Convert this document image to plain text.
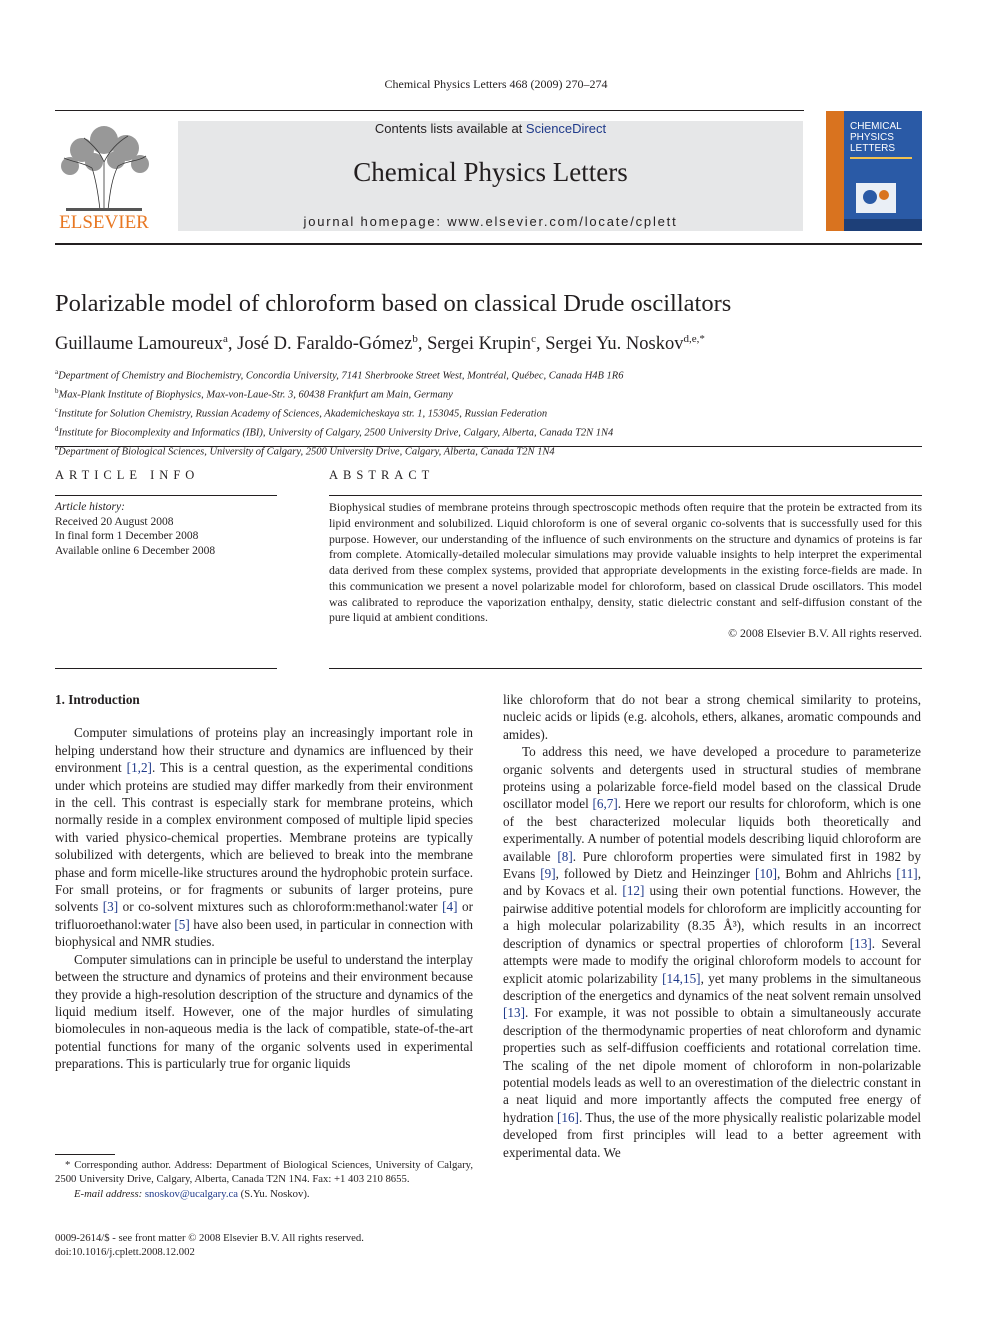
Chemical Physics Letters 468 (2009) 270–274
ELSEVIER
Contents lists available at ScienceDirect
Chemical Physics Letters
journal homepage: www.elsevier.com/locate/cplett
CHEMICAL
PHYSICS
LETTERS
Polarizable model of chloroform based on classical Drude oscillators
Guillaume Lamoureux$^a$, José D. Faraldo-Gómez$^b$, Sergei Krupin$^c$, Sergei Yu. Noskov$^{d,e,*}$
$^a$Department of Chemistry and Biochemistry, Concordia University, 7141 Sherbrooke Street West, Montréal, Québec, Canada H4B 1R6
$^b$Max-Plank Institute of Biophysics, Max-von-Laue-Str. 3, 60438 Frankfurt am Main, Germany
$^c$Institute for Solution Chemistry, Russian Academy of Sciences, Akademicheskaya str. 1, 153045, Russian Federation
$^d$Institute for Biocomplexity and Informatics (IBI), University of Calgary, 2500 University Drive, Calgary, Alberta, Canada T2N 1N4
$^e$Department of Biological Sciences, University of Calgary, 2500 University Drive, Calgary, Alberta, Canada T2N 1N4
ARTICLE INFO
Article history:
Received 20 August 2008
In final form 1 December 2008
Available online 6 December 2008
ABSTRACT
Biophysical studies of membrane proteins through spectroscopic methods often require that the protein be extracted from its lipid environment and solubilized. Liquid chloroform is one of several organic co-solvents that is successfully used for this purpose. However, our understanding of the influence of such environments on the structure and dynamics of proteins is far from complete. Atomically-detailed molecular simulations may provide valuable insights to help interpret the experimental data derived from these complex systems, provided that appropriate developments in the existing force-fields are made. In this communication we present a novel polarizable model for chloroform, based on classical Drude oscillators. This model was calibrated to reproduce the vaporization enthalpy, density, static dielectric constant and self-diffusion constant of the pure liquid at ambient conditions.
© 2008 Elsevier B.V. All rights reserved.

1. Introduction

Computer simulations of proteins play an increasingly important role in helping understand how their structure and dynamics are influenced by their environment [1,2]. This is a central question, as the experimental conditions under which proteins are studied may differ markedly from their environment in the cell. This contrast is especially stark for membrane proteins, which normally reside in a complex environment composed of multiple lipid species with varied physico-chemical properties. Membrane proteins are typically solubilized with detergents, which are believed to break into the membrane phase and form micelle-like structures around the hydrophobic protein surface. For small proteins, or for fragments or subunits of larger proteins, pure solvents [3] or co-solvent mixtures such as chloroform:methanol:water [4] or trifluoroethanol:water [5] have also been used, in particular in connection with biophysical and NMR studies.

Computer simulations can in principle be useful to understand the interplay between the structure and dynamics of proteins and their environment because they provide a high-resolution description of the structure and dynamics of the liquid medium itself. However, one of the major hurdles of simulating biomolecules in non-aqueous media is the lack of compatible, state-of-the-art potential functions for many of the organic solvents used in experimental preparations. This is particularly true for organic liquids

like chloroform that do not bear a strong chemical similarity to proteins, nucleic acids or lipids (e.g. alcohols, ethers, alkanes, aromatic compounds and amides).

To address this need, we have developed a procedure to parameterize organic solvents and detergents used in structural studies of membrane proteins using a polarizable force-field model based on the classical Drude oscillator model [6,7]. Here we report our results for chloroform, which is one of the best characterized molecular liquids both theoretically and experimentally. A number of potential models describing liquid chloroform are available [8]. Pure chloroform properties were simulated first in 1982 by Evans [9], followed by Dietz and Heinzinger [10], Bohm and Ahlrichs [11], and by Kovacs et al. [12] using their own potential functions. However, the pairwise additive potential models for chloroform are implicitly accounting for a high molecular polarizability (8.35 Å³), which results in an incorrect description of dynamics or spectral properties of chloroform [13]. Several attempts were made to modify the original chloroform models to account for explicit atomic polarizability [14,15], yet many problems in the simultaneous description of the energetics and dynamics of the neat solvent remain unsolved [13]. For example, it was not possible to obtain a simultaneously accurate description of the thermodynamic properties of neat chloroform and dynamic properties such as self-diffusion coefficients and rotational correlation time. The scaling of the net dipole moment of chloroform in non-polarizable potential models leads as well to an overestimation of the dielectric constant in a neat liquid and more importantly affects the computed free energy of hydration [16]. Thus, the use of the more physically realistic polarizable model developed from first principles will lead to a better agreement with experimental data. We

* Corresponding author. Address: Department of Biological Sciences, University of Calgary, 2500 University Drive, Calgary, Alberta, Canada T2N 1N4. Fax: +1 403 210 8655.
E-mail address: snoskov@ucalgary.ca (S.Yu. Noskov).
0009-2614/$ - see front matter © 2008 Elsevier B.V. All rights reserved.
doi:10.1016/j.cplett.2008.12.002
